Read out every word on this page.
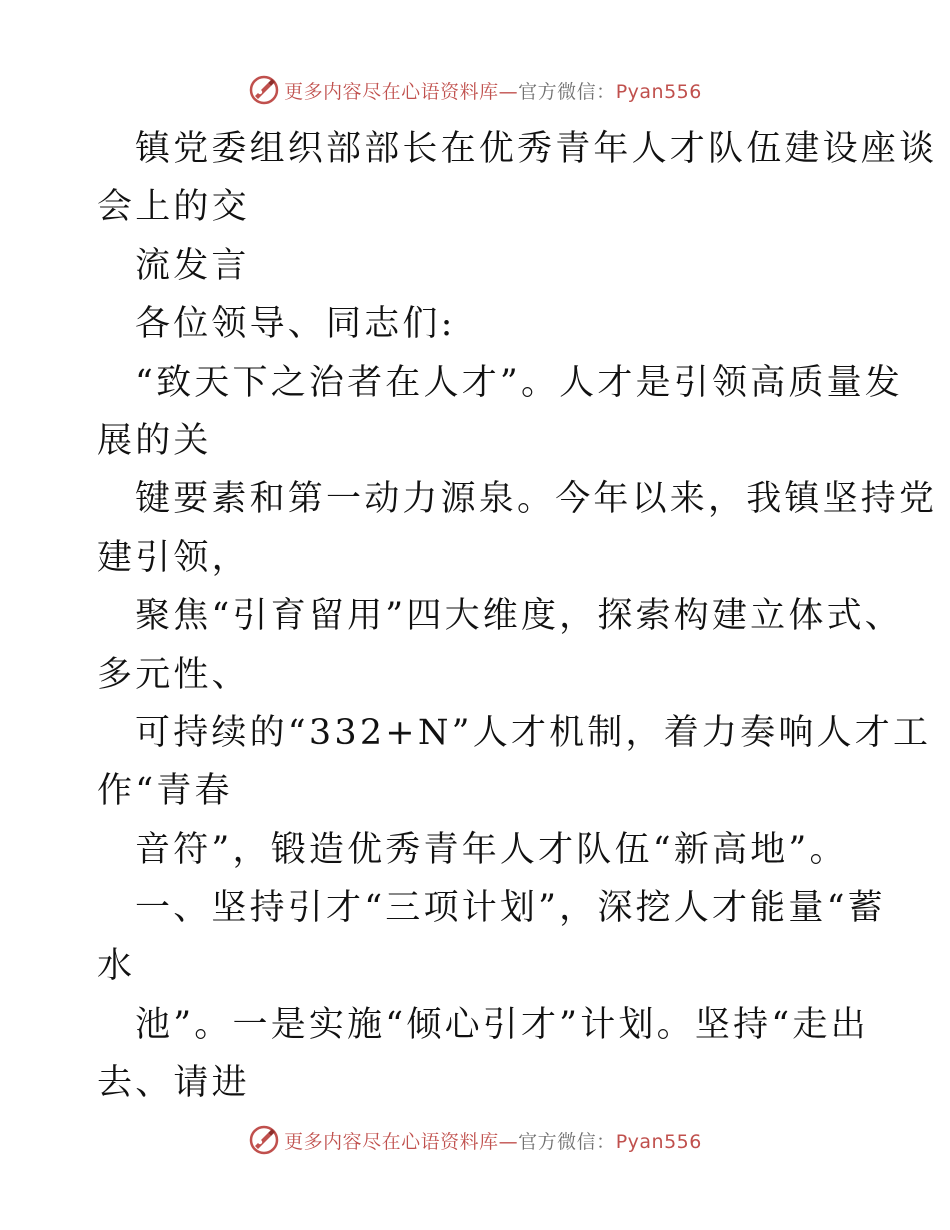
更多内容尽在心语资料库—官方微信：Pyan556
镇党委组织部部长在优秀青年人才队伍建设座谈
会上的交
流发言
各位领导、同志们:
“致天下之治者在人才”。人才是引领高质量发
展的关
键要素和第一动力源泉。今年以来，我镇坚持党
建引领，
聚焦“引育留用”四大维度，探索构建立体式、
多元性、
可持续的“332+N”人才机制，着力奏响人才工
作“青春
音符”，锻造优秀青年人才队伍“新高地”。
一、坚持引才“三项计划”，深挖人才能量“蓄
水
池”。一是实施“倾心引才”计划。坚持“走出
去、请进
更多内容尽在心语资料库—官方微信：Pyan556
